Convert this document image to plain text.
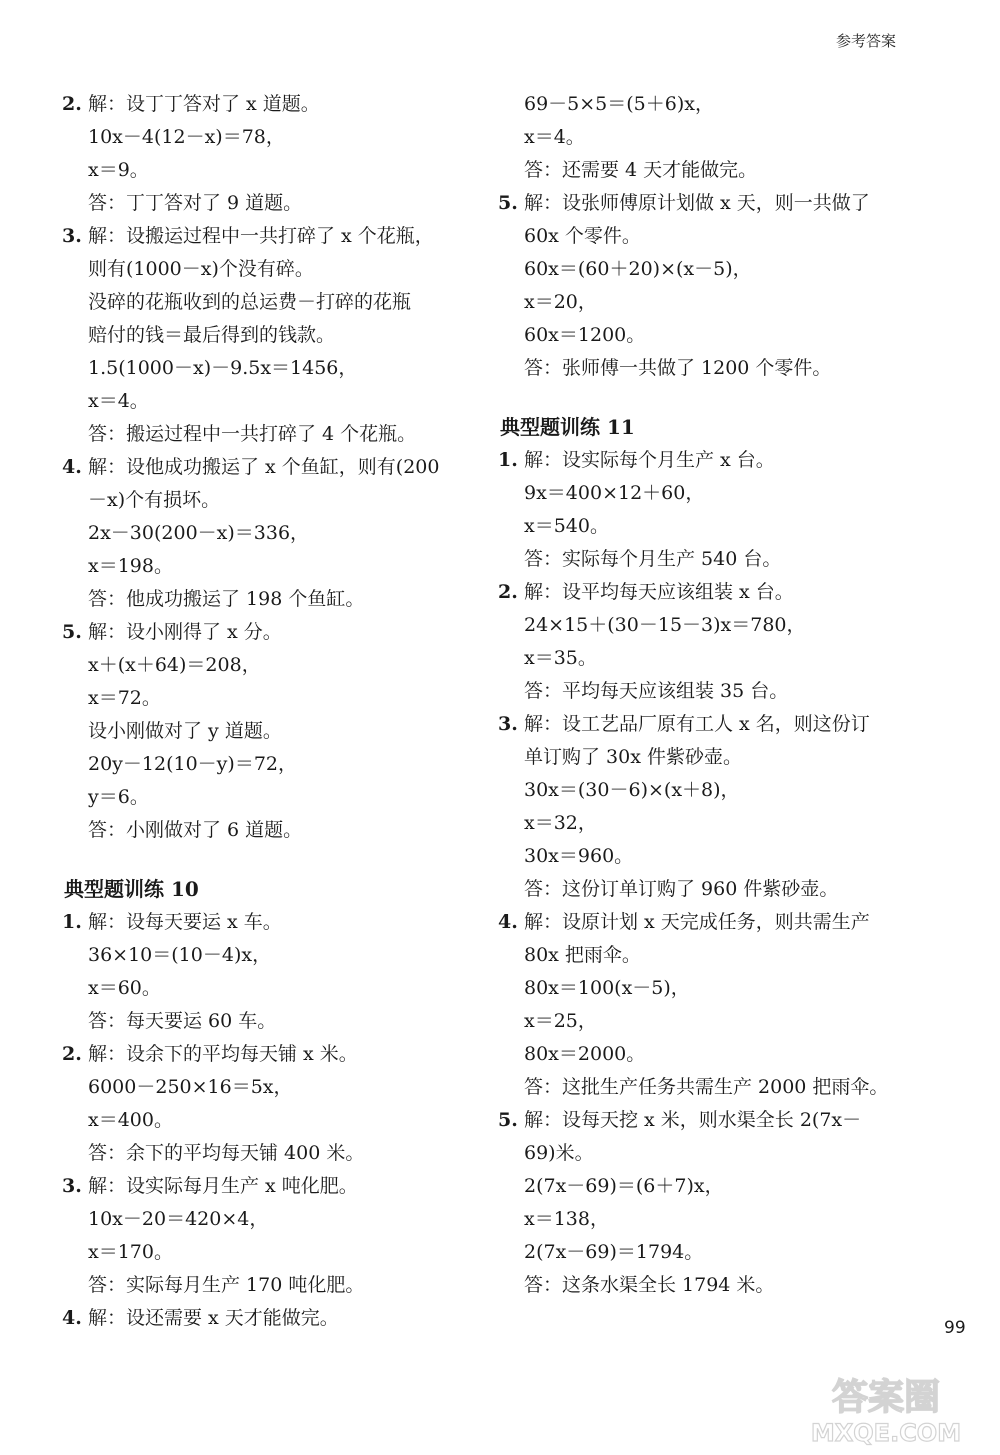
参考答案
2. 解：设丁丁答对了 x 道题。
10x－4(12－x)＝78，
x＝9。
答：丁丁答对了 9 道题。
3. 解：设搬运过程中一共打碎了 x 个花瓶，
则有(1000－x)个没有碎。
没碎的花瓶收到的总运费－打碎的花瓶
赔付的钱＝最后得到的钱款。
1.5(1000－x)－9.5x＝1456，
x＝4。
答：搬运过程中一共打碎了 4 个花瓶。
4. 解：设他成功搬运了 x 个鱼缸，则有(200
－x)个有损坏。
2x－30(200－x)＝336，
x＝198。
答：他成功搬运了 198 个鱼缸。
5. 解：设小刚得了 x 分。
x＋(x＋64)＝208，
x＝72。
设小刚做对了 y 道题。
20y－12(10－y)＝72，
y＝6。
答：小刚做对了 6 道题。
典型题训练 10
1. 解：设每天要运 x 车。
36×10＝(10－4)x，
x＝60。
答：每天要运 60 车。
2. 解：设余下的平均每天铺 x 米。
6000－250×16＝5x，
x＝400。
答：余下的平均每天铺 400 米。
3. 解：设实际每月生产 x 吨化肥。
10x－20＝420×4，
x＝170。
答：实际每月生产 170 吨化肥。
4. 解：设还需要 x 天才能做完。
69－5×5＝(5＋6)x，
x＝4。
答：还需要 4 天才能做完。
5. 解：设张师傅原计划做 x 天，则一共做了
60x 个零件。
60x＝(60＋20)×(x－5)，
x＝20，
60x＝1200。
答：张师傅一共做了 1200 个零件。
典型题训练 11
1. 解：设实际每个月生产 x 台。
9x＝400×12＋60，
x＝540。
答：实际每个月生产 540 台。
2. 解：设平均每天应该组装 x 台。
24×15＋(30－15－3)x＝780，
x＝35。
答：平均每天应该组装 35 台。
3. 解：设工艺品厂原有工人 x 名，则这份订
单订购了 30x 件紫砂壶。
30x＝(30－6)×(x＋8)，
x＝32，
30x＝960。
答：这份订单订购了 960 件紫砂壶。
4. 解：设原计划 x 天完成任务，则共需生产
80x 把雨伞。
80x＝100(x－5)，
x＝25，
80x＝2000。
答：这批生产任务共需生产 2000 把雨伞。
5. 解：设每天挖 x 米，则水渠全长 2(7x－
69)米。
2(7x－69)＝(6＋7)x，
x＝138，
2(7x－69)＝1794。
答：这条水渠全长 1794 米。
99
答案圈
MXQE.COM
